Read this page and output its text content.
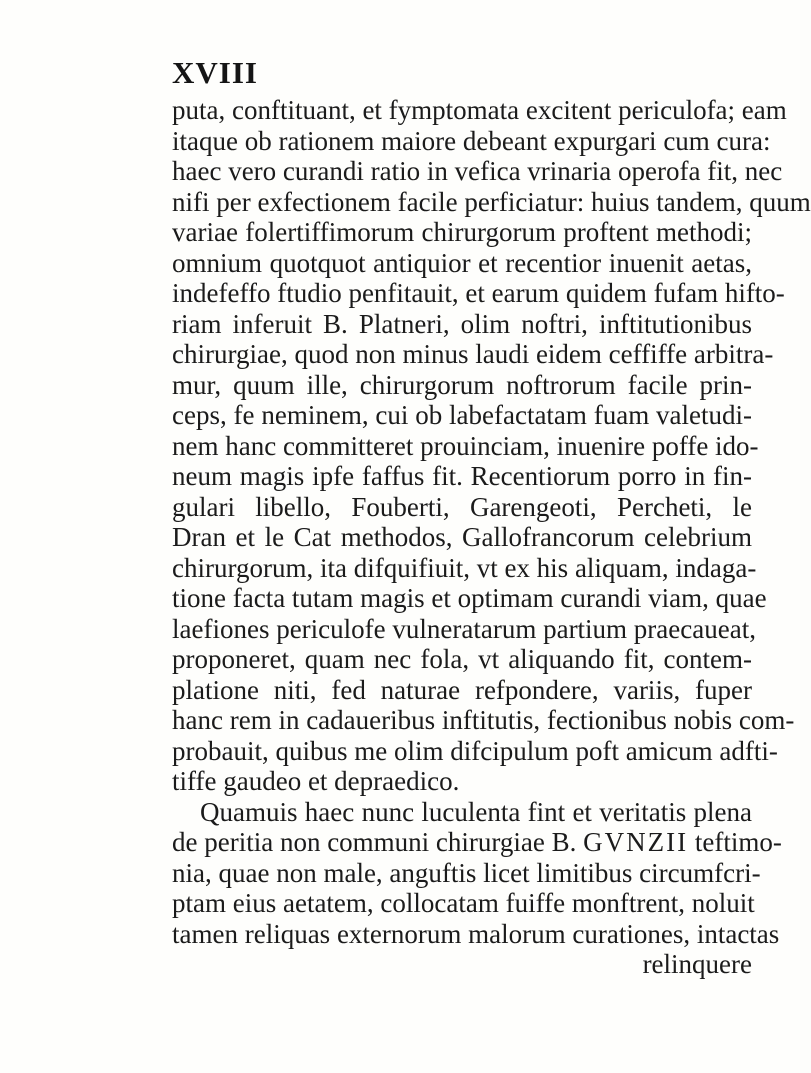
XVIII
puta, conftituant, et fymptomata excitent periculofa; eam
itaque ob rationem maiore debeant expurgari cum cura:
haec vero curandi ratio in vefica vrinaria operofa fit, nec
nifi per exfectionem facile perficiatur: huius tandem, quum
variae folertiffimorum chirurgorum proftent methodi;
omnium quotquot antiquior et recentior inuenit aetas,
indefeffo ftudio penfitauit, et earum quidem fufam hifto-
riam inferuit B. Platneri, olim noftri, inftitutionibus
chirurgiae, quod non minus laudi eidem ceffiffe arbitra-
mur, quum ille, chirurgorum noftrorum facile prin-
ceps, fe neminem, cui ob labefactatam fuam valetudi-
nem hanc committeret prouinciam, inuenire poffe ido-
neum magis ipfe faffus fit. Recentiorum porro in fin-
gulari libello, Fouberti, Garengeoti, Percheti, le
Dran et le Cat methodos, Gallofrancorum celebrium
chirurgorum, ita difquifiuit, vt ex his aliquam, indaga-
tione facta tutam magis et optimam curandi viam, quae
laefiones periculofe vulneratarum partium praecaueat,
proponeret, quam nec fola, vt aliquando fit, contem-
platione niti, fed naturae refpondere, variis, fuper
hanc rem in cadaueribus inftitutis, fectionibus nobis com-
probauit, quibus me olim difcipulum poft amicum adfti-
tiffe gaudeo et depraedico.
Quamuis haec nunc luculenta fint et veritatis plena
de peritia non communi chirurgiae B. GVNZII teftimo-
nia, quae non male, anguftis licet limitibus circumfcri-
ptam eius aetatem, collocatam fuiffe monftrent, noluit
tamen reliquas externorum malorum curationes, intactas
relinquere
